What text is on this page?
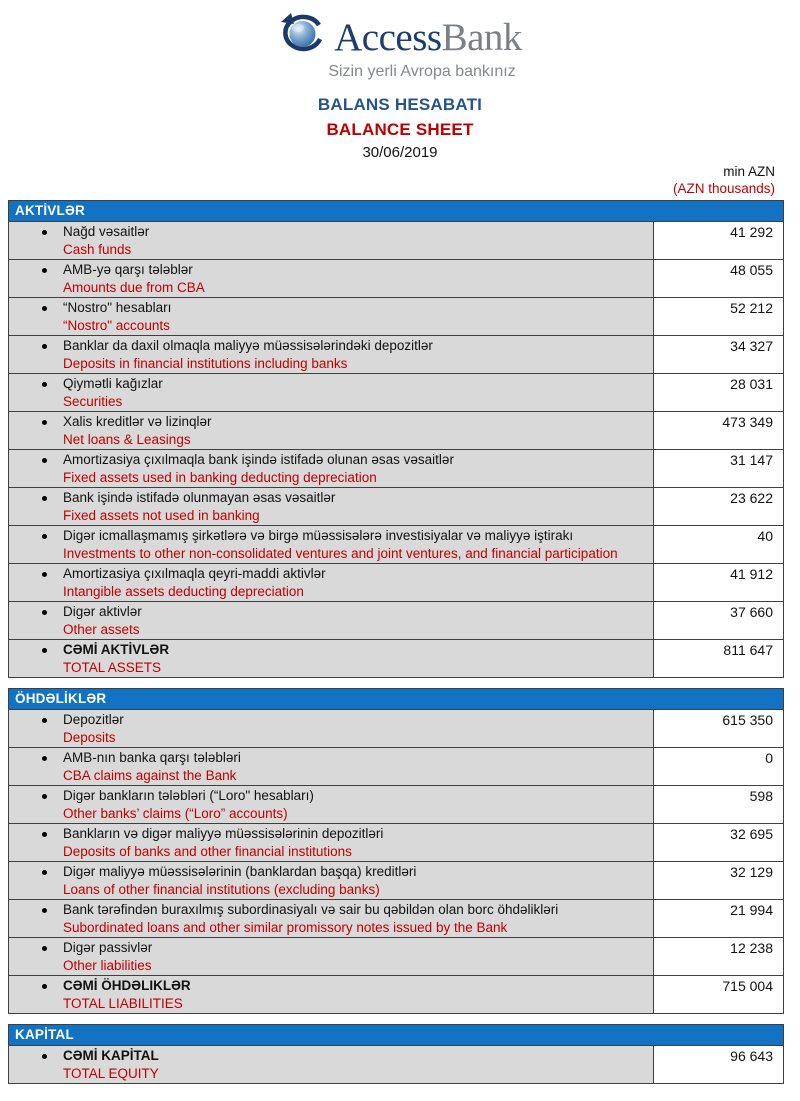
AccessBank
Sizin yerli Avropa bankınız
BALANS HESABATI
BALANCE SHEET
30/06/2019
min AZN
(AZN thousands)
AKTİVLƏR
Nağd vəsaitlər
Cash funds
41 292
AMB-yə qarşı tələblər
Amounts due from CBA
48 055
“Nostro" hesabları
“Nostro" accounts
52 212
Banklar da daxil olmaqla maliyyə müəssisələrindəki depozitlər
Deposits in financial institutions including banks
34 327
Qiymətli kağızlar
Securities
28 031
Xalis kreditlər və lizinqlər
Net loans & Leasings
473 349
Amortizasiya çıxılmaqla bank işində istifadə olunan əsas vəsaitlər
Fixed assets used in banking deducting depreciation
31 147
Bank işində istifadə olunmayan əsas vəsaitlər
Fixed assets not used in banking
23 622
Digər icmallaşmamış şirkətlərə və birgə müəssisələrə investisiyalar və maliyyə iştirakı
Investments to other non-consolidated ventures and joint ventures, and financial participation
40
Amortizasiya çıxılmaqla qeyri-maddi aktivlər
Intangible assets deducting depreciation
41 912
Digər aktivlər
Other assets
37 660
CƏMİ AKTİVLƏR
TOTAL ASSETS
811 647
ÖHDƏLİKLƏR
Depozitlər
Deposits
615 350
AMB-nın banka qarşı tələbləri
CBA claims against the Bank
0
Digər bankların tələbləri (“Loro" hesabları)
Other banks’ claims (“Loro” accounts)
598
Bankların və digər maliyyə müəssisələrinin depozitləri
Deposits of banks and other financial institutions
32 695
Digər maliyyə müəssisələrinin (banklardan başqa) kreditləri
Loans of other financial institutions (excluding banks)
32 129
Bank tərəfindən buraxılmış subordinasiyalı və sair bu qəbildən olan borc öhdəlikləri
Subordinated loans and other similar promissory notes issued by the Bank
21 994
Digər passivlər
Other liabilities
12 238
CƏMİ ÖHDƏLIKLƏR
TOTAL LIABILITIES
715 004
KAPİTAL
CƏMİ KAPİTAL
TOTAL EQUITY
96 643
